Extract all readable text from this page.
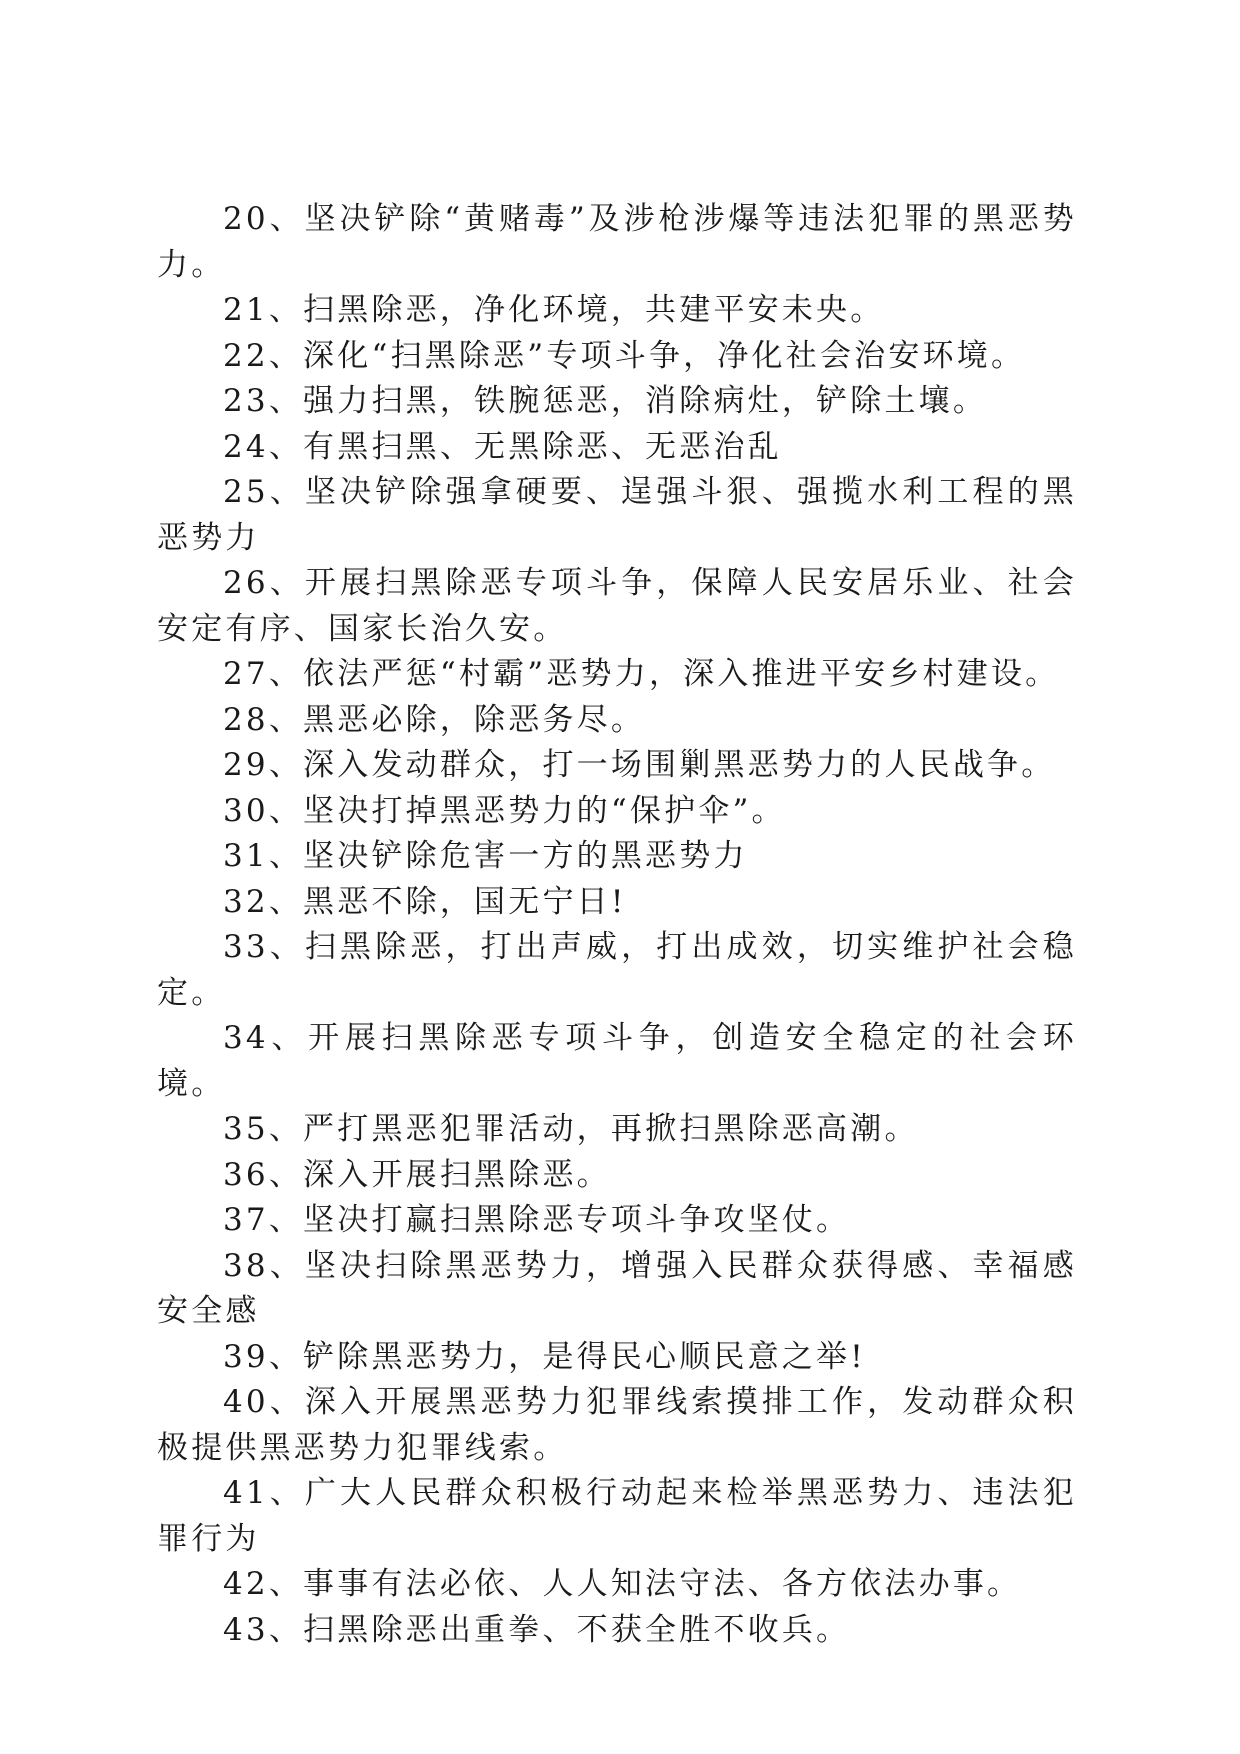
20、坚决铲除“黄赌毒”及涉枪涉爆等违法犯罪的黑恶势力。

21、扫黑除恶，净化环境，共建平安未央。

22、深化“扫黑除恶”专项斗争，净化社会治安环境。

23、强力扫黑，铁腕惩恶，消除病灶，铲除土壤。

24、有黑扫黑、无黑除恶、无恶治乱

25、坚决铲除强拿硬要、逞强斗狠、强揽水利工程的黑恶势力

26、开展扫黑除恶专项斗争，保障人民安居乐业、社会安定有序、国家长治久安。

27、依法严惩“村霸”恶势力，深入推进平安乡村建设。

28、黑恶必除，除恶务尽。

29、深入发动群众，打一场围剿黑恶势力的人民战争。

30、坚决打掉黑恶势力的“保护伞”。

31、坚决铲除危害一方的黑恶势力

32、黑恶不除，国无宁日!

33、扫黑除恶，打出声威，打出成效，切实维护社会稳定。

34、开展扫黑除恶专项斗争，创造安全稳定的社会环境。

35、严打黑恶犯罪活动，再掀扫黑除恶高潮。

36、深入开展扫黑除恶。

37、坚决打赢扫黑除恶专项斗争攻坚仗。

38、坚决扫除黑恶势力，增强入民群众获得感、幸福感安全感

39、铲除黑恶势力，是得民心顺民意之举!

40、深入开展黑恶势力犯罪线索摸排工作，发动群众积极提供黑恶势力犯罪线索。

41、广大人民群众积极行动起来检举黑恶势力、违法犯罪行为

42、事事有法必依、人人知法守法、各方依法办事。

43、扫黑除恶出重拳、不获全胜不收兵。
